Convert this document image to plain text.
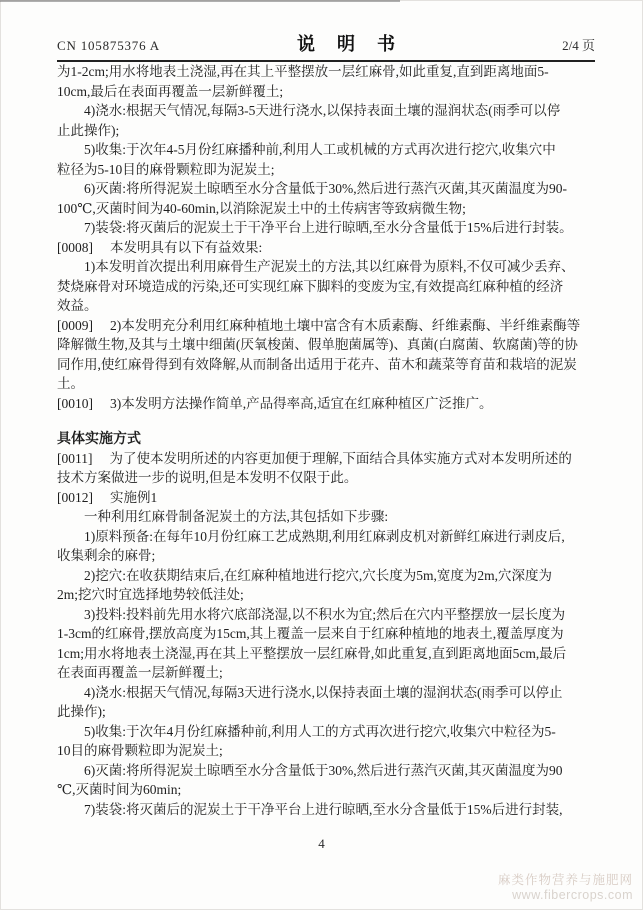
CN 105875376 A	说　明　书	2/4 页
为1-2cm;用水将地表土浇湿,再在其上平整摆放一层红麻骨,如此重复,直到距离地面5-
10cm,最后在表面再覆盖一层新鲜覆土;
4)浇水:根据天气情况,每隔3-5天进行浇水,以保持表面土壤的湿润状态(雨季可以停
止此操作);
5)收集:于次年4-5月份红麻播种前,利用人工或机械的方式再次进行挖穴,收集穴中
粒径为5-10目的麻骨颗粒即为泥炭土;
6)灭菌:将所得泥炭土晾晒至水分含量低于30%,然后进行蒸汽灭菌,其灭菌温度为90-
100℃,灭菌时间为40-60min,以消除泥炭土中的土传病害等致病微生物;
7)装袋:将灭菌后的泥炭土于干净平台上进行晾晒,至水分含量低于15%后进行封装。
[0008] 本发明具有以下有益效果:
1)本发明首次提出利用麻骨生产泥炭土的方法,其以红麻骨为原料,不仅可减少丢弃、
焚烧麻骨对环境造成的污染,还可实现红麻下脚料的变废为宝,有效提高红麻种植的经济
效益。
[0009] 2)本发明充分利用红麻种植地土壤中富含有木质素酶、纤维素酶、半纤维素酶等
降解微生物,及其与土壤中细菌(厌氧梭菌、假单胞菌属等)、真菌(白腐菌、软腐菌)等的协
同作用,使红麻骨得到有效降解,从而制备出适用于花卉、苗木和蔬菜等育苗和栽培的泥炭
土。
[0010] 3)本发明方法操作简单,产品得率高,适宜在红麻种植区广泛推广。
具体实施方式
[0011] 为了使本发明所述的内容更加便于理解,下面结合具体实施方式对本发明所述的
技术方案做进一步的说明,但是本发明不仅限于此。
[0012] 实施例1
一种利用红麻骨制备泥炭土的方法,其包括如下步骤:
1)原料预备:在每年10月份红麻工艺成熟期,利用红麻剥皮机对新鲜红麻进行剥皮后,
收集剩余的麻骨;
2)挖穴:在收获期结束后,在红麻种植地进行挖穴,穴长度为5m,宽度为2m,穴深度为
2m;挖穴时宜选择地势较低洼处;
3)投料:投料前先用水将穴底部浇湿,以不积水为宜;然后在穴内平整摆放一层长度为
1-3cm的红麻骨,摆放高度为15cm,其上覆盖一层来自于红麻种植地的地表土,覆盖厚度为
1cm;用水将地表土浇湿,再在其上平整摆放一层红麻骨,如此重复,直到距离地面5cm,最后
在表面再覆盖一层新鲜覆土;
4)浇水:根据天气情况,每隔3天进行浇水,以保持表面土壤的湿润状态(雨季可以停止
此操作);
5)收集:于次年4月份红麻播种前,利用人工的方式再次进行挖穴,收集穴中粒径为5-
10目的麻骨颗粒即为泥炭土;
6)灭菌:将所得泥炭土晾晒至水分含量低于30%,然后进行蒸汽灭菌,其灭菌温度为90
℃,灭菌时间为60min;
7)装袋:将灭菌后的泥炭土于干净平台上进行晾晒,至水分含量低于15%后进行封装,
4
麻类作物营养与施肥网
www.fibercrops.com
